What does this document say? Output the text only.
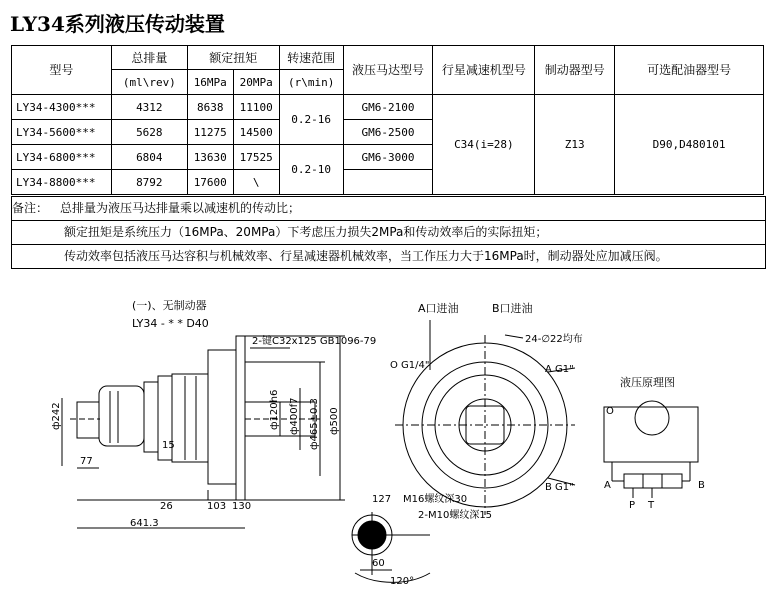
LY34系列液压传动装置
型号	总排量	额定扭矩		转速范围	液压马达型号	行星减速机型号	制动器型号	可选配油器型号
	(ml\rev)	16MPa	20MPa	(r\min)				
LY34-4300***	4312	8638	11100	0.2-16	GM6-2100	C34(i=28)	Z13	D90,D480101
LY34-5600***	5628	11275	14500		GM6-2500			
LY34-6800***	6804	13630	17525	0.2-10	GM6-3000			
LY34-8800***	8792	17600	\					
备注： 总排量为液压马达排量乘以减速机的传动比；
额定扭矩是系统压力（16MPa、20MPa）下考虑压力损失2MPa和传动效率后的实际扭矩；
传动效率包括液压马达容积与机械效率、行星减速器机械效率，当工作压力大于16MPa时，制动器处应加减压阀。
(一)、无制动器
LY34 - * * D40
2-键C32x125 GB1096-79
ф242	ф120h6 ф400f7 ф465±0.3 ф500
15
77
26	103 130
641.3
A口进油	B口进油
24-∅22均布
O G1/4"	A G1"
B G1"
M16螺纹深30
2-M10螺纹深15
127
60
120°
液压原理图
O
A	B
P T
